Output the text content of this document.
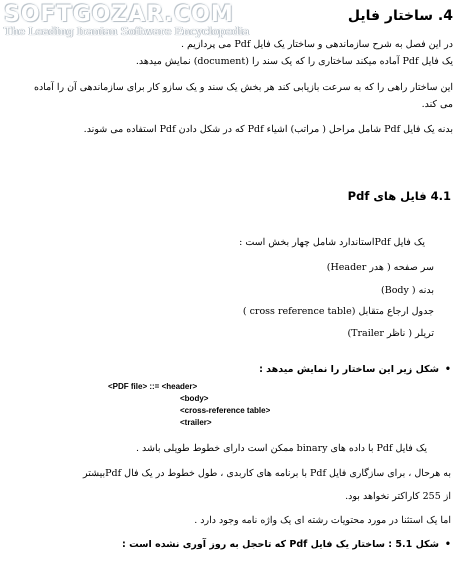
SOFTGOZAR.COM
The Leading Iranian Software Encyclopedia
4. ساختار فایل

در این فصل به شرح سازماندهی و ساختار یک فایل Pdf می پردازیم .

یک فایل Pdf آماده میکند ساختاری را که یک سند را (document) نمایش میدهد.

این ساختار راهی را که به سرعت بازیابی کند هر بخش یک سند و یک سازو کار برای سازماندهی آن را آماده می کند.

بدنه یک فایل Pdf شامل مراحل ( مراتب) اشیاء Pdf که در شکل دادن Pdf استفاده می شوند.

4.1 فایل های Pdf

یک فایل Pdfاستاندارد شامل چهار بخش است :

سر صفحه ( هدر Header)

بدنه ( Body)

جدول ارجاع متقابل (cross reference table )

تریلر ( ناظر Trailer)

•شکل زیر این ساختار را نمایش میدهد :
<PDF file> ::= <header>
<body>
<cross-reference table>
<trailer>

یک فایل Pdf با داده های binary ممکن است دارای خطوط طویلی باشد .

به هرحال ، برای سازگاری فایل Pdf با برنامه های کاربدی ، طول خطوط در یک فال Pdfبیشتر

از 255 کاراکتر نخواهد بود.

اما یک استثنا در مورد محتویات رشته ای یک واژه نامه وجود دارد .

•شکل 5.1 : ساختار یک فایل Pdf که تاحجل به روز آوری نشده است :
